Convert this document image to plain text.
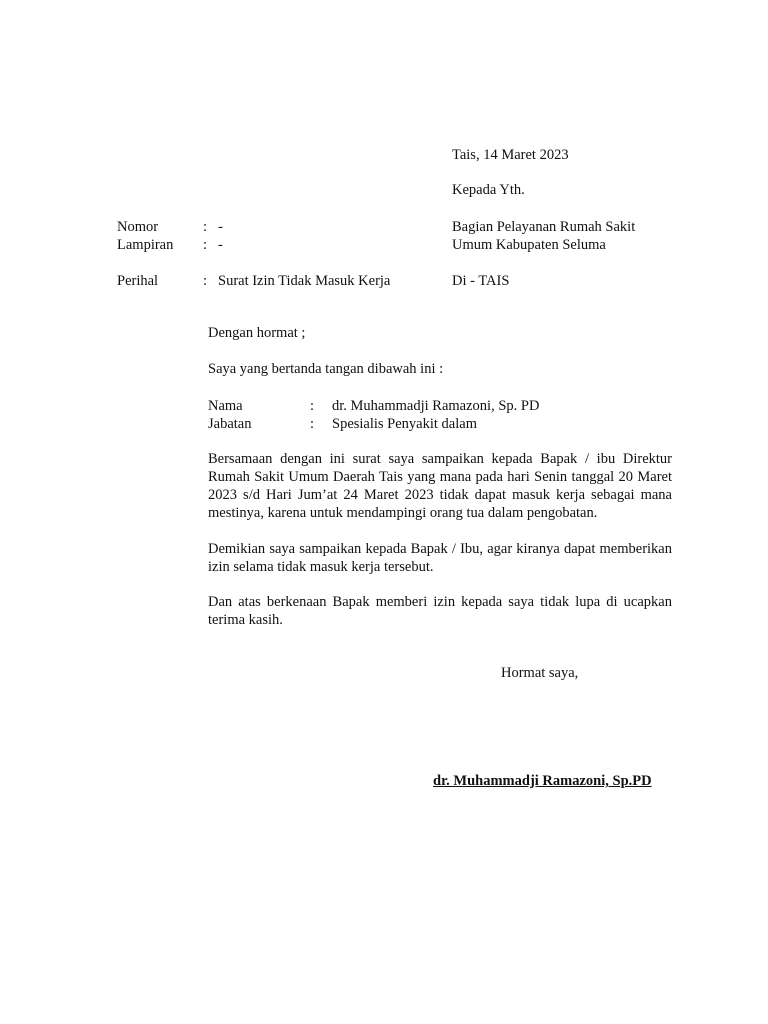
Tais, 14 Maret 2023
Kepada Yth.
Bagian Pelayanan Rumah Sakit
Umum Kabupaten Seluma
Di - TAIS
Nomor	: -
Lampiran : -
Perihal	: Surat Izin Tidak Masuk Kerja
Dengan hormat ;
Saya yang bertanda tangan dibawah ini :
Nama	: dr. Muhammadji Ramazoni, Sp. PD
Jabatan	: Spesialis Penyakit dalam
Bersamaan dengan ini surat saya sampaikan kepada Bapak / ibu Direktur Rumah Sakit Umum Daerah Tais yang mana pada hari Senin tanggal 20 Maret 2023 s/d Hari Jum’at 24 Maret 2023 tidak dapat masuk kerja sebagai mana mestinya, karena untuk mendampingi orang tua dalam pengobatan.
Demikian saya sampaikan kepada Bapak / Ibu, agar kiranya dapat memberikan izin selama tidak masuk kerja tersebut.
Dan atas berkenaan Bapak memberi izin kepada saya tidak lupa di ucapkan terima kasih.
Hormat saya,
dr. Muhammadji Ramazoni, Sp.PD
